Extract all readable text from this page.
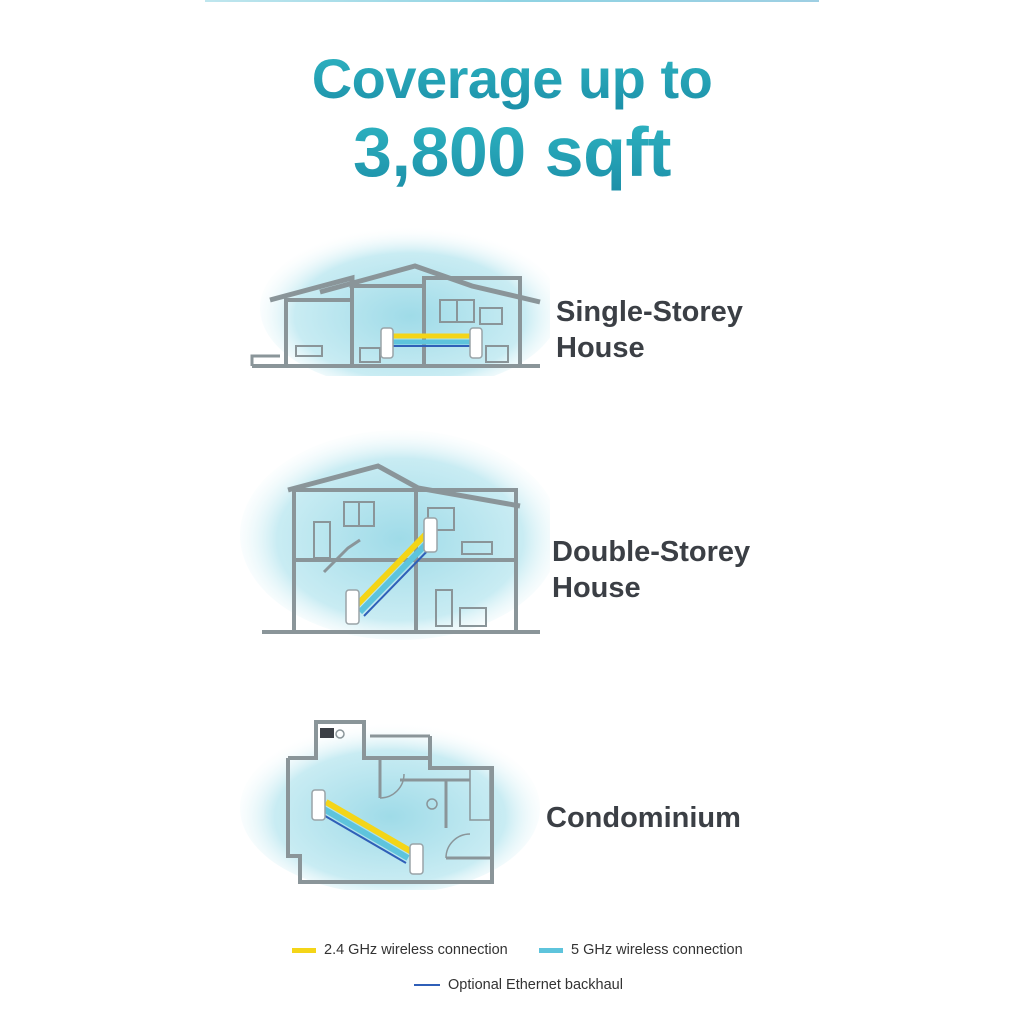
Coverage up to
3,800 sqft
Single-Storey
House
Double-Storey
House
Condominium
2.4 GHz wireless connection	5 GHz wireless connection
Optional Ethernet backhaul
